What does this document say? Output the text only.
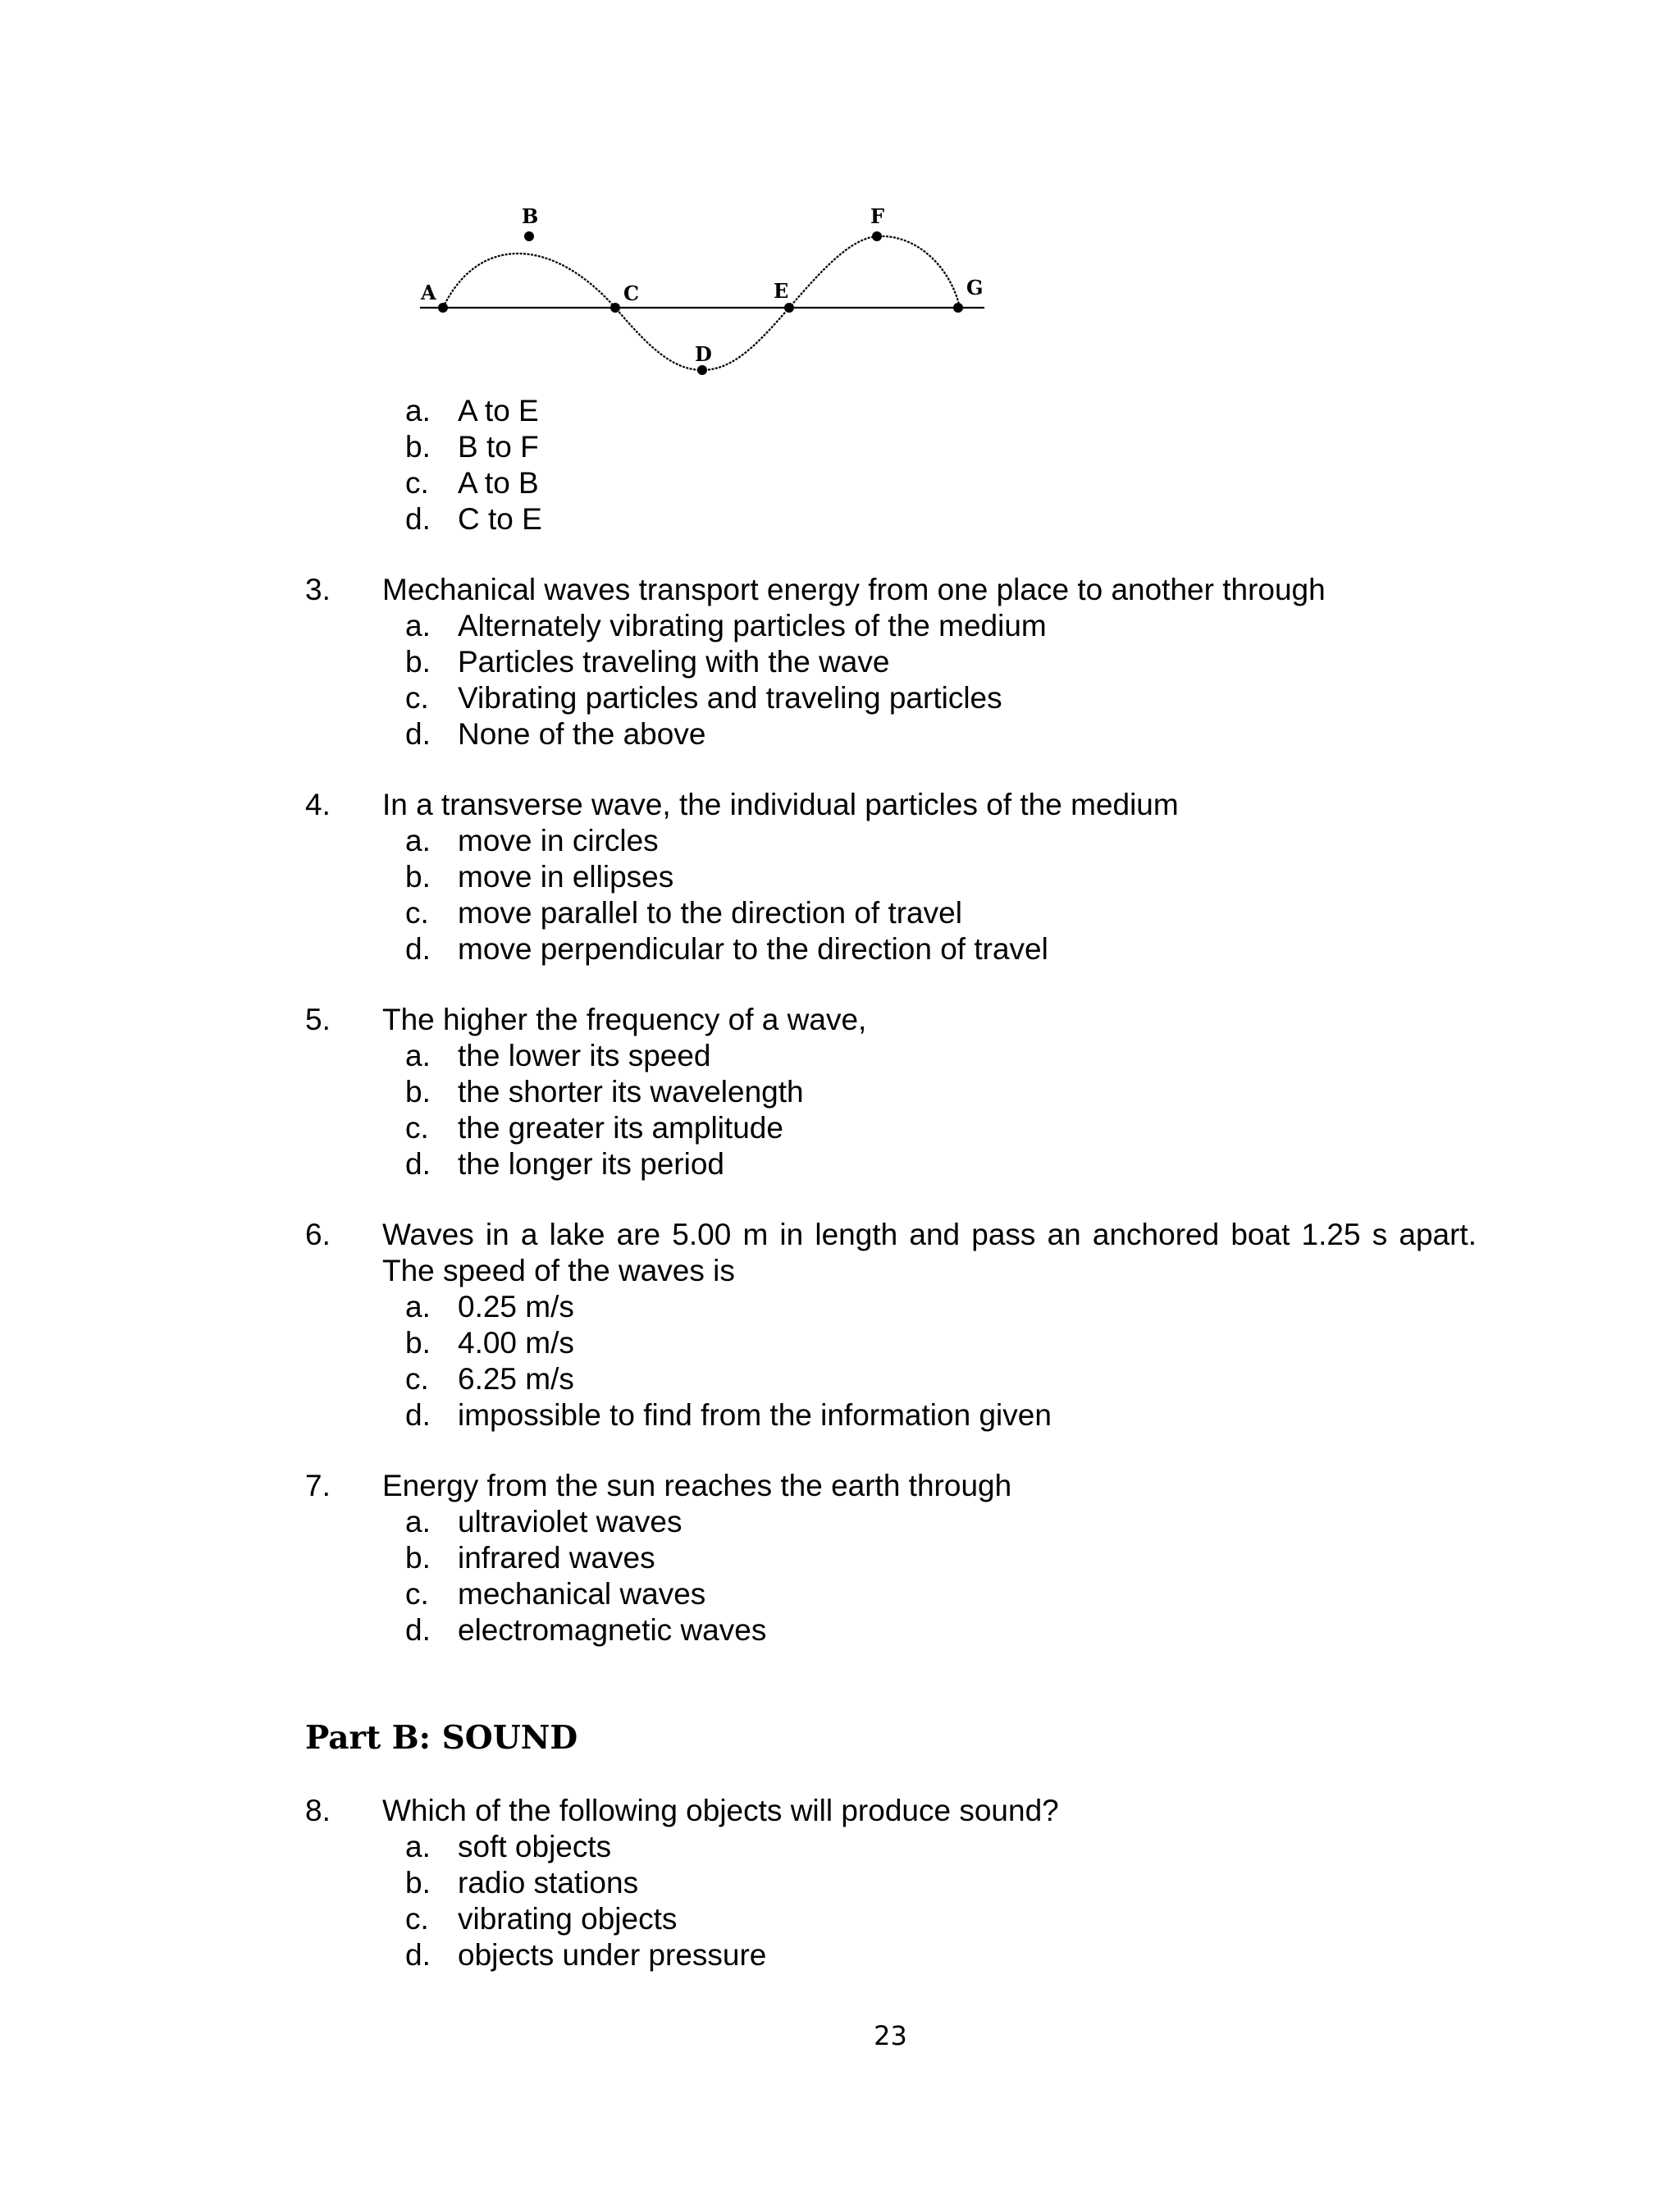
A
B
C
D
E
F
G
a. A to E
b. B to F
c. A to B
d. C to E
3.	Mechanical waves transport energy from one place to another through
a. Alternately vibrating particles of the medium
b. Particles traveling with the wave
c. Vibrating particles and traveling particles
d. None of the above
4.	In a transverse wave, the individual particles of the medium
a. move in circles
b. move in ellipses
c. move parallel to the direction of travel
d. move perpendicular to the direction of travel
5.	The higher the frequency of a wave,
a. the lower its speed
b. the shorter its wavelength
c. the greater its amplitude
d. the longer its period
6.	Waves in a lake are 5.00 m in length and pass an anchored boat 1.25 s apart.
The speed of the waves is
a. 0.25 m/s
b. 4.00 m/s
c. 6.25 m/s
d. impossible to find from the information given
7.	Energy from the sun reaches the earth through
a. ultraviolet waves
b. infrared waves
c. mechanical waves
d. electromagnetic waves
Part B: SOUND
8.	Which of the following objects will produce sound?
a. soft objects
b. radio stations
c. vibrating objects
d. objects under pressure
23
